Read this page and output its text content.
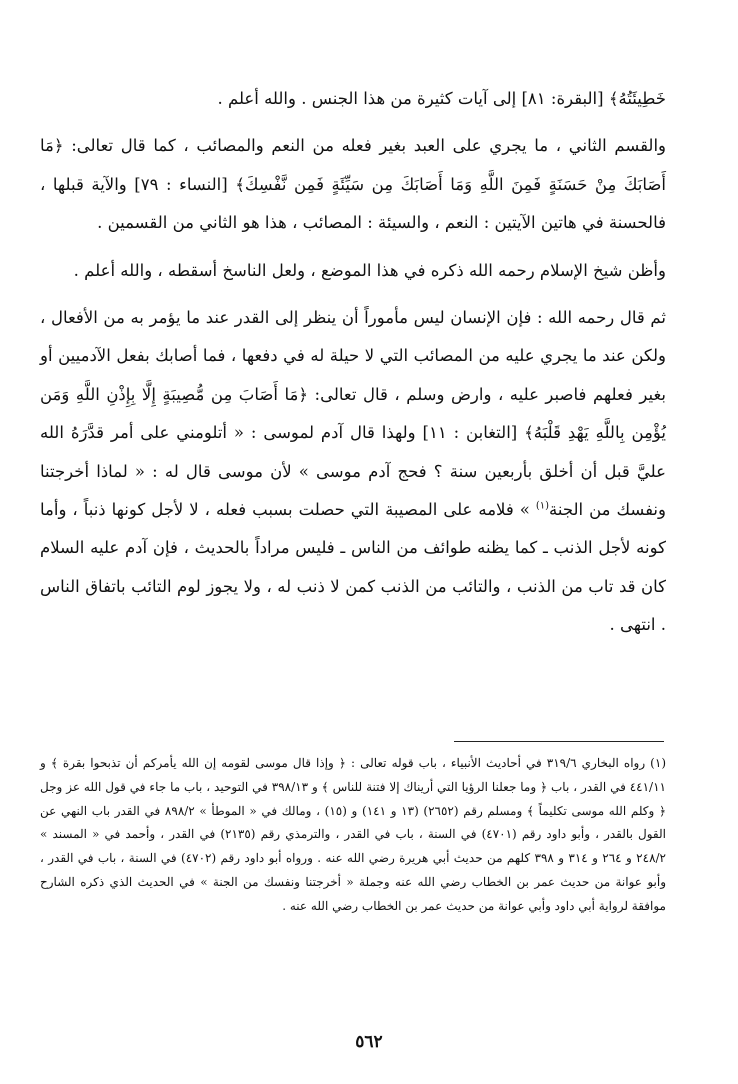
خَطِيئَتُهُ﴾ [البقرة: ٨١] إلى آيات كثيرة من هذا الجنس . والله أعلم .

والقسم الثاني ، ما يجري على العبد بغير فعله من النعم والمصائب ، كما قال تعالى: ﴿مَا أَصَابَكَ مِنْ حَسَنَةٍ فَمِنَ اللَّهِ وَمَا أَصَابَكَ مِن سَيِّئَةٍ فَمِن نَّفْسِكَ﴾ [النساء : ٧٩] والآية قبلها ، فالحسنة في هاتين الآيتين : النعم ، والسيئة : المصائب ، هذا هو الثاني من القسمين .

وأظن شيخ الإسلام رحمه الله ذكره في هذا الموضع ، ولعل الناسخ أسقطه ، والله أعلم .

ثم قال رحمه الله : فإن الإنسان ليس مأموراً أن ينظر إلى القدر عند ما يؤمر به من الأفعال ، ولكن عند ما يجري عليه من المصائب التي لا حيلة له في دفعها ، فما أصابك بفعل الآدميين أو بغير فعلهم فاصبر عليه ، وارض وسلم ، قال تعالى: ﴿مَا أَصَابَ مِن مُّصِيبَةٍ إِلَّا بِإِذْنِ اللَّهِ وَمَن يُؤْمِن بِاللَّهِ يَهْدِ قَلْبَهُ﴾ [التغابن : ١١] ولهذا قال آدم لموسى : « أتلومني على أمر قدَّرَهُ الله عليَّ قبل أن أخلق بأربعين سنة ؟ فحج آدم موسى » لأن موسى قال له : « لماذا أخرجتنا ونفسك من الجنة$^{(١)}$ » فلامه على المصيبة التي حصلت بسبب فعله ، لا لأجل كونها ذنباً ، وأما كونه لأجل الذنب ـ كما يظنه طوائف من الناس ـ فليس مراداً بالحديث ، فإن آدم عليه السلام كان قد تاب من الذنب ، والتائب من الذنب كمن لا ذنب له ، ولا يجوز لوم التائب باتفاق الناس . انتهى .

(١) رواه البخاري ٣١٩/٦ في أحاديث الأنبياء ، باب قوله تعالى : ﴿ وإذا قال موسى لقومه إن الله يأمركم أن تذبحوا بقرة ﴾ و ٤٤١/١١ في القدر ، باب ﴿ وما جعلنا الرؤيا التي أريناك إلا فتنة للناس ﴾ و ٣٩٨/١٣ في التوحيد ، باب ما جاء في قول الله عز وجل ﴿ وكلم الله موسى تكليماً ﴾ ومسلم رقم (٢٦٥٢) (١٣ و ١٤١) و (١٥) ، ومالك في « الموطأ » ٨٩٨/٢ في القدر باب النهي عن القول بالقدر ، وأبو داود رقم (٤٧٠١) في السنة ، باب في القدر ، والترمذي رقم (٢١٣٥) في القدر ، وأحمد في « المسند » ٢٤٨/٢ و ٢٦٤ و ٣١٤ و ٣٩٨ كلهم من حديث أبي هريرة رضي الله عنه . ورواه أبو داود رقم (٤٧٠٢) في السنة ، باب في القدر ، وأبو عوانة من حديث عمر بن الخطاب رضي الله عنه وجملة « أخرجتنا ونفسك من الجنة » في الحديث الذي ذكره الشارح موافقة لرواية أبي داود وأبي عوانة من حديث عمر بن الخطاب رضي الله عنه .

٥٦٢
